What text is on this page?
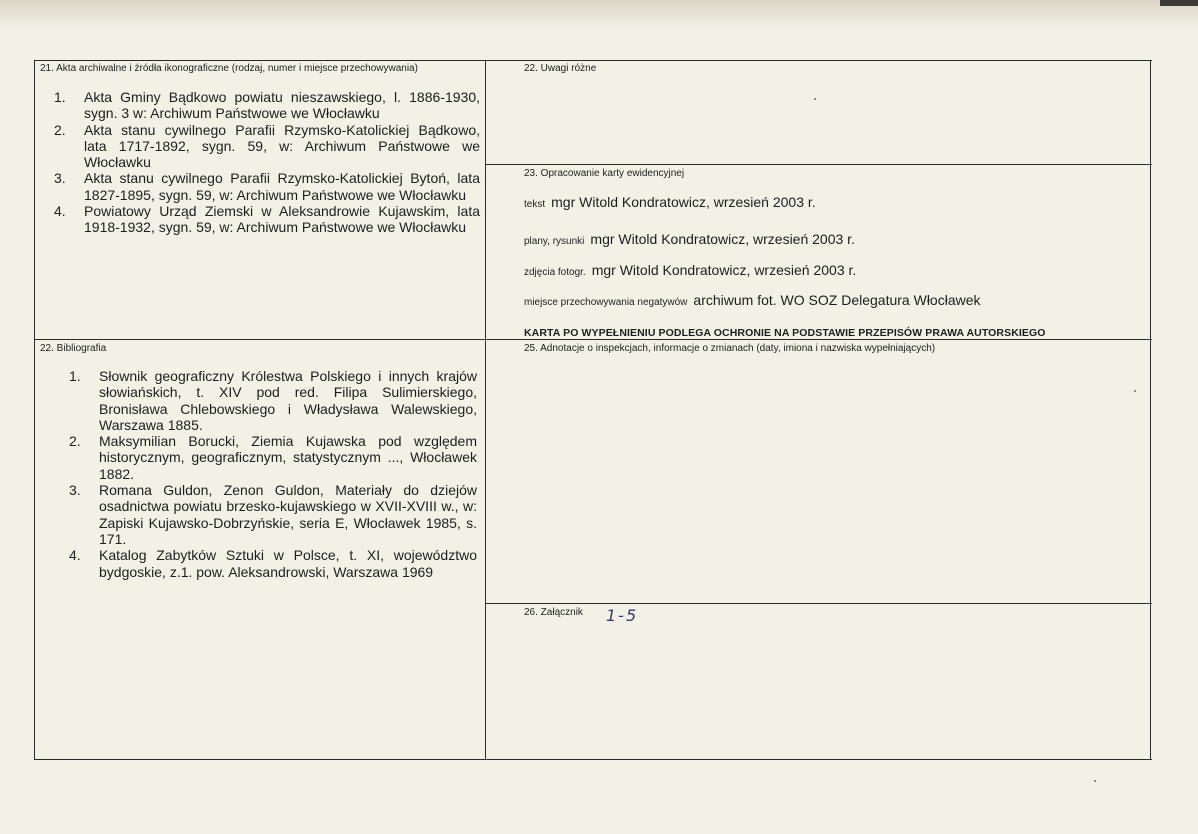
21. Akta archiwalne i źródła ikonograficzne (rodzaj, numer i miejsce przechowywania)
1. Akta Gminy Bądkowo powiatu nieszawskiego, l. 1886-1930, sygn. 3 w: Archiwum Państwowe we Włocławku
2. Akta stanu cywilnego Parafii Rzymsko-Katolickiej Bądkowo, lata 1717-1892, sygn. 59, w: Archiwum Państwowe we Włocławku
3. Akta stanu cywilnego Parafii Rzymsko-Katolickiej Bytoń, lata 1827-1895, sygn. 59, w: Archiwum Państwowe we Włocławku
4. Powiatowy Urząd Ziemski w Aleksandrowie Kujawskim, lata 1918-1932, sygn. 59, w: Archiwum Państwowe we Włocławku
22. Uwagi różne
23. Opracowanie karty ewidencyjnej
tekst mgr Witold Kondratowicz, wrzesień 2003 r.
plany, rysunki mgr Witold Kondratowicz, wrzesień 2003 r.
zdjęcia fotogr. mgr Witold Kondratowicz, wrzesień 2003 r.
miejsce przechowywania negatywów archiwum fot. WO SOZ Delegatura Włocławek
KARTA PO WYPEŁNIENIU PODLEGA OCHRONIE NA PODSTAWIE PRZEPISÓW PRAWA AUTORSKIEGO
22. Bibliografia
1. Słownik geograficzny Królestwa Polskiego i innych krajów słowiańskich, t. XIV pod red. Filipa Sulimierskiego, Bronisława Chlebowskiego i Władysława Walewskiego, Warszawa 1885.
2. Maksymilian Borucki, Ziemia Kujawska pod względem historycznym, geograficznym, statystycznym ..., Włocławek 1882.
3. Romana Guldon, Zenon Guldon, Materiały do dziejów osadnictwa powiatu brzesko-kujawskiego w XVII-XVIII w., w: Zapiski Kujawsko-Dobrzyńskie, seria E, Włocławek 1985, s. 171.
4. Katalog Zabytków Sztuki w Polsce, t. XI, województwo bydgoskie, z.1. pow. Aleksandrowski, Warszawa 1969
25. Adnotacje o inspekcjach, informacje o zmianach (daty, imiona i nazwiska wypełniających)
26. Załącznik 1-5
